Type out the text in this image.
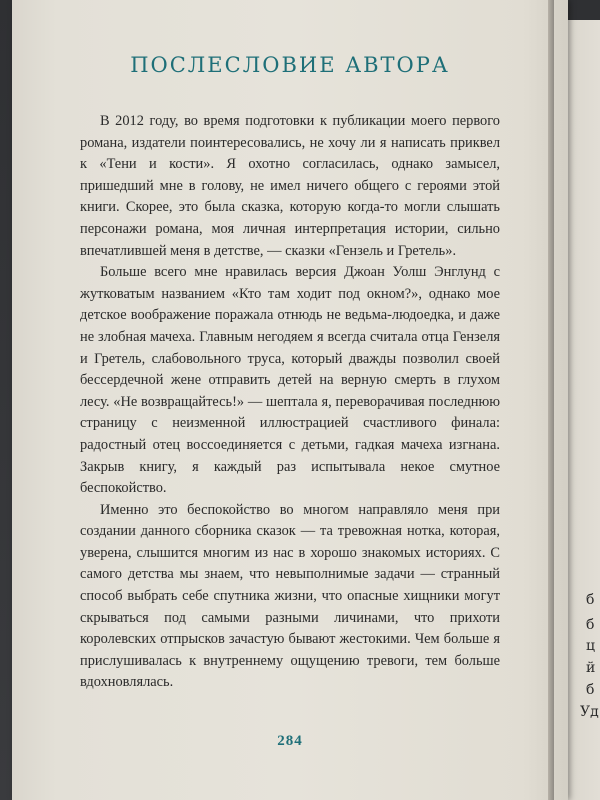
б
б
ц
й
б
Уд
ПОСЛЕСЛОВИЕ АВТОРА

В 2012 году, во время подготовки к публикации моего первого романа, издатели поинтересовались, не хочу ли я написать приквел к «Тени и кости». Я охотно согласилась, однако замысел, пришедший мне в голову, не имел ничего общего с героями этой книги. Скорее, это была сказка, которую когда-то могли слышать персонажи романа, моя личная интерпретация истории, сильно впечатлившей меня в детстве, — сказки «Гензель и Гретель».

Больше всего мне нравилась версия Джоан Уолш Энглунд с жутковатым названием «Кто там ходит под окном?», однако мое детское воображение поражала отнюдь не ведьма-людоедка, и даже не злобная мачеха. Главным негодяем я всегда считала отца Гензеля и Гретель, слабовольного труса, который дважды позволил своей бессердечной жене отправить детей на верную смерть в глухом лесу. «Не возвращайтесь!» — шептала я, переворачивая последнюю страницу с неизменной иллюстрацией счастливого финала: радостный отец воссоединяется с детьми, гадкая мачеха изгнана. Закрыв книгу, я каждый раз испытывала некое смутное беспокойство.

Именно это беспокойство во многом направляло меня при создании данного сборника сказок — та тревожная нотка, которая, уверена, слышится многим из нас в хорошо знакомых историях. С самого детства мы знаем, что невыполнимые задачи — странный способ выбрать себе спутника жизни, что опасные хищники могут скрываться под самыми разными личинами, что прихоти королевских отпрысков зачастую бывают жестокими. Чем больше я прислушивалась к внутреннему ощущению тревоги, тем больше вдохновлялась.

284
